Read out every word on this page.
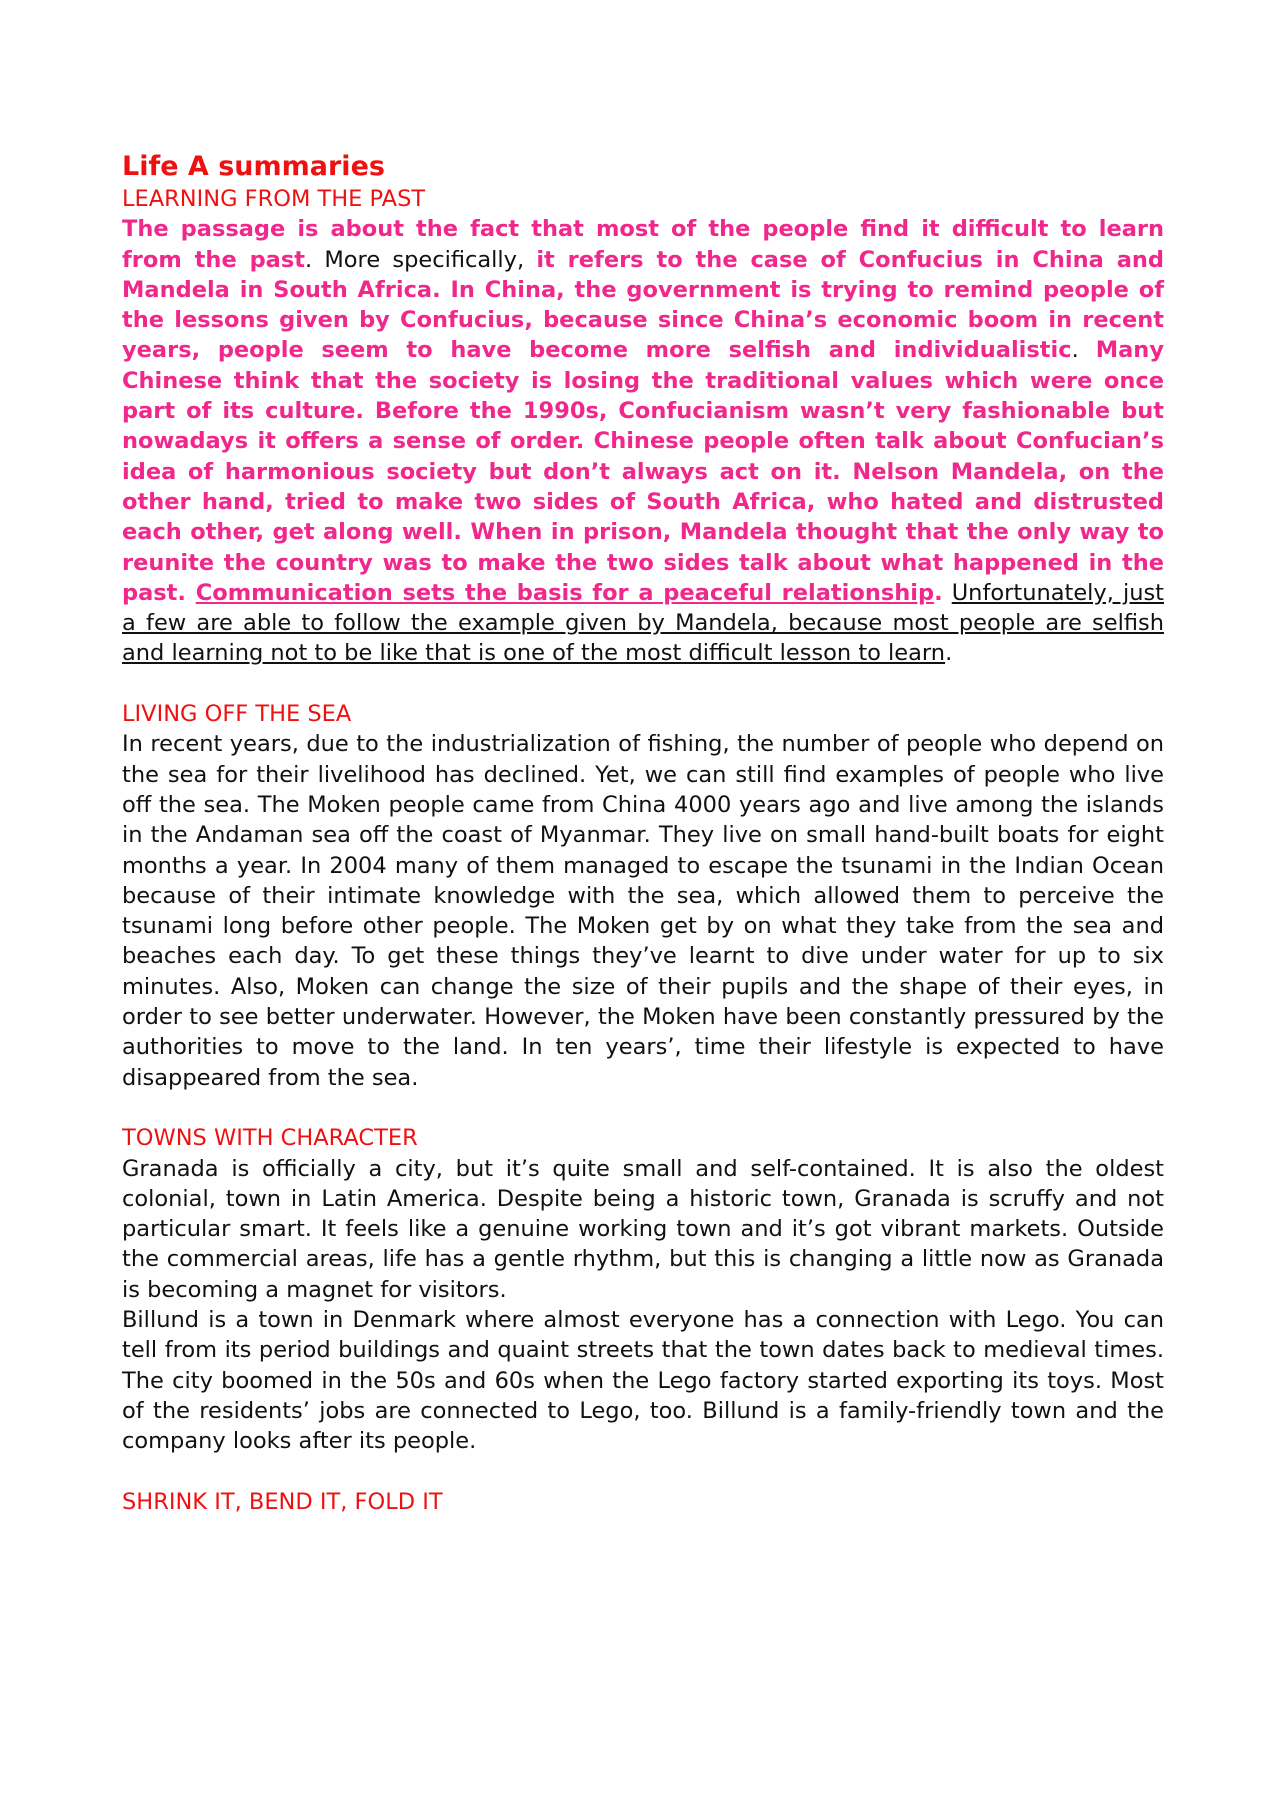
Life A summaries
LEARNING FROM THE PAST

The passage is about the fact that most of the people find it difficult to learn from the past. More specifically, it refers to the case of Confucius in China and Mandela in South Africa. In China, the government is trying to remind people of the lessons given by Confucius, because since China’s economic boom in recent years, people seem to have become more selfish and individualistic. Many Chinese think that the society is losing the traditional values which were once part of its culture. Before the 1990s, Confucianism wasn’t very fashionable but nowadays it offers a sense of order. Chinese people often talk about Confucian’s idea of harmonious society but don’t always act on it. Nelson Mandela, on the other hand, tried to make two sides of South Africa, who hated and distrusted each other, get along well. When in prison, Mandela thought that the only way to reunite the country was to make the two sides talk about what happened in the past. Communication sets the basis for a peaceful relationship. Unfortunately, just a few are able to follow the example given by Mandela, because most people are selfish and learning not to be like that is one of the most difficult lesson to learn.

LIVING OFF THE SEA

In recent years, due to the industrialization of fishing, the number of people who depend on the sea for their livelihood has declined. Yet, we can still find examples of people who live off the sea. The Moken people came from China 4000 years ago and live among the islands in the Andaman sea off the coast of Myanmar. They live on small hand-built boats for eight months a year. In 2004 many of them managed to escape the tsunami in the Indian Ocean because of their intimate knowledge with the sea, which allowed them to perceive the tsunami long before other people. The Moken get by on what they take from the sea and beaches each day. To get these things they’ve learnt to dive under water for up to six minutes. Also, Moken can change the size of their pupils and the shape of their eyes, in order to see better underwater. However, the Moken have been constantly pressured by the authorities to move to the land. In ten years’, time their lifestyle is expected to have disappeared from the sea.

TOWNS WITH CHARACTER

Granada is officially a city, but it’s quite small and self-contained. It is also the oldest colonial, town in Latin America. Despite being a historic town, Granada is scruffy and not particular smart. It feels like a genuine working town and it’s got vibrant markets. Outside the commercial areas, life has a gentle rhythm, but this is changing a little now as Granada is becoming a magnet for visitors.

Billund is a town in Denmark where almost everyone has a connection with Lego. You can tell from its period buildings and quaint streets that the town dates back to medieval times. The city boomed in the 50s and 60s when the Lego factory started exporting its toys. Most of the residents’ jobs are connected to Lego, too. Billund is a family-friendly town and the company looks after its people.

SHRINK IT, BEND IT, FOLD IT
